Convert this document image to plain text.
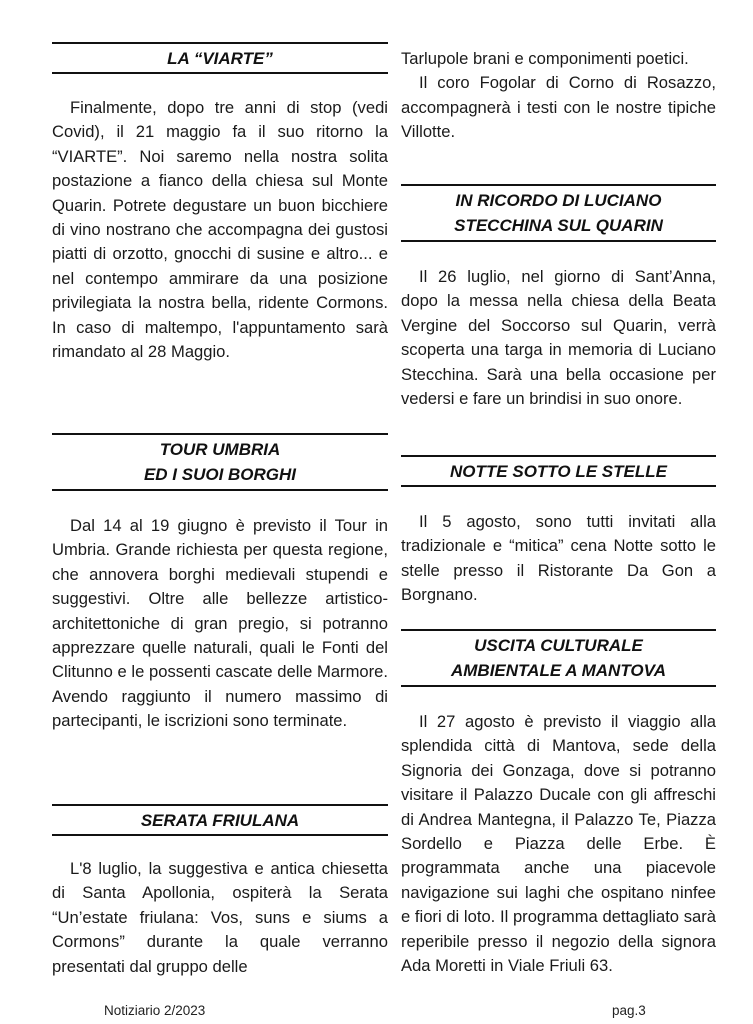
LA “VIARTE”

Finalmente, dopo tre anni di stop (vedi Covid), il 21 maggio fa il suo ritorno la “VIARTE”. Noi saremo nella nostra solita postazione a fianco della chiesa sul Monte Quarin. Potrete degustare un buon bicchiere di vino nostrano che accompagna dei gustosi piatti di orzotto, gnocchi di susine e altro... e nel contempo ammirare da una posizione privilegiata la nostra bella, ridente Cormons. In caso di maltempo, l'appuntamento sarà rimandato al 28 Maggio.

TOUR UMBRIA
ED I SUOI BORGHI

Dal 14 al 19 giugno è previsto il Tour in Umbria. Grande richiesta per questa regione, che annovera borghi medievali stupendi e suggestivi. Oltre alle bellezze artistico-architettoniche di gran pregio, si potranno apprezzare quelle naturali, quali le Fonti del Clitunno e le possenti cascate delle Marmore. Avendo raggiunto il numero massimo di partecipanti, le iscrizioni sono terminate.

SERATA FRIULANA

L'8 luglio, la suggestiva e antica chiesetta di Santa Apollonia, ospiterà la Serata “Un’estate friulana: Vos, suns e siums a Cormons” durante la quale verranno presentati dal gruppo delle

Tarlupole brani e componimenti poetici.

Il coro Fogolar di Corno di Rosazzo, accompagnerà i testi con le nostre tipiche Villotte.

IN RICORDO DI LUCIANO
STECCHINA SUL QUARIN

Il 26 luglio, nel giorno di Sant’Anna, dopo la messa nella chiesa della Beata Vergine del Soccorso sul Quarin, verrà scoperta una targa in memoria di Luciano Stecchina. Sarà una bella occasione per vedersi e fare un brindisi in suo onore.

NOTTE SOTTO LE STELLE

Il 5 agosto, sono tutti invitati alla tradizionale e “mitica” cena Notte sotto le stelle presso il Ristorante Da Gon a Borgnano.

USCITA CULTURALE
AMBIENTALE A MANTOVA

Il 27 agosto è previsto il viaggio alla splendida città di Mantova, sede della Signoria dei Gonzaga, dove si potranno visitare il Palazzo Ducale con gli affreschi di Andrea Mantegna, il Palazzo Te, Piazza Sordello e Piazza delle Erbe. È programmata anche una piacevole navigazione sui laghi che ospitano ninfee e fiori di loto. Il programma dettagliato sarà reperibile presso il negozio della signora Ada Moretti in Viale Friuli 63.

Notiziario 2/2023	pag.3
